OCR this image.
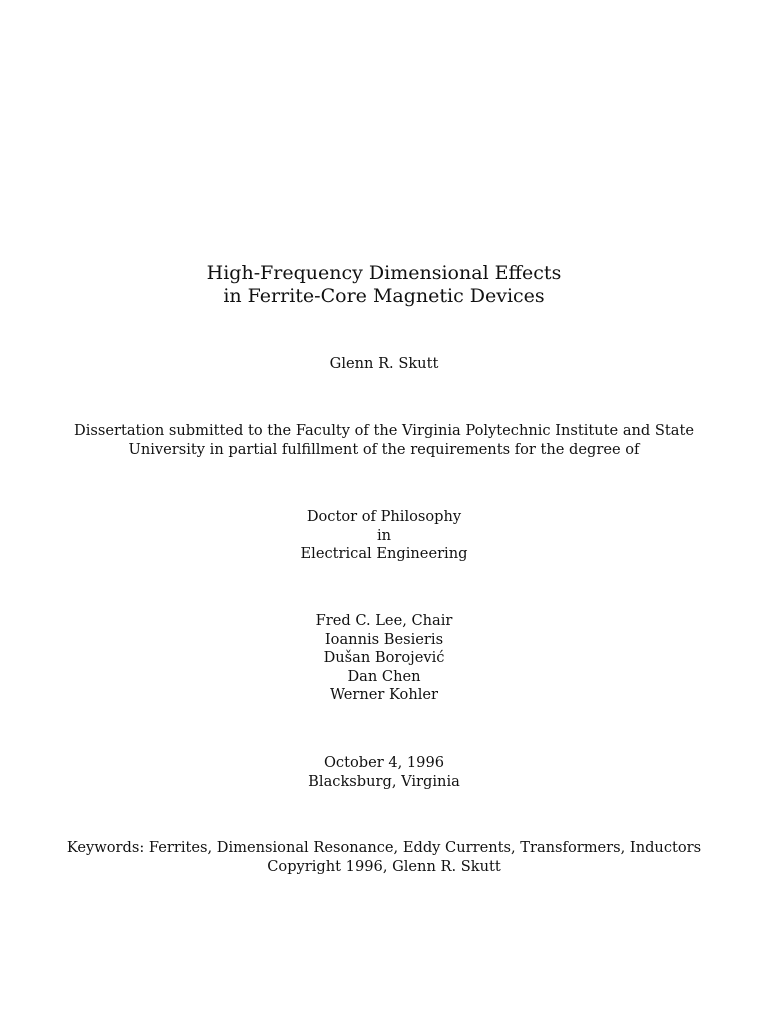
High-Frequency Dimensional Effects
in Ferrite-Core Magnetic Devices
Glenn R. Skutt
Dissertation submitted to the Faculty of the Virginia Polytechnic Institute and State
University in partial fulfillment of the requirements for the degree of
Doctor of Philosophy
in
Electrical Engineering
Fred C. Lee, Chair
Ioannis Besieris
Dušan Borojević
Dan Chen
Werner Kohler
October 4, 1996
Blacksburg, Virginia
Keywords: Ferrites, Dimensional Resonance, Eddy Currents, Transformers, Inductors
Copyright 1996, Glenn R. Skutt
